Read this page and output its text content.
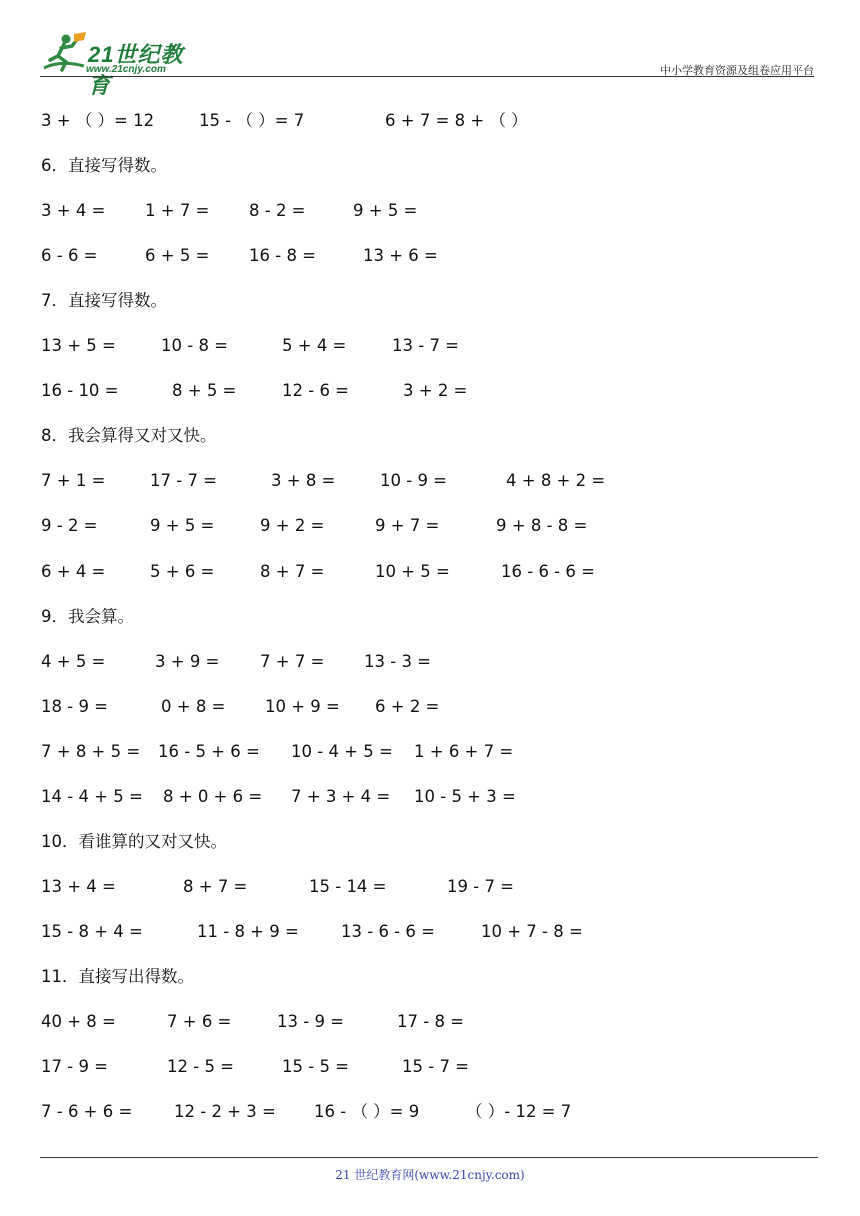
21世纪教育
www.21cnjy.com	中小学教育资源及组卷应用平台
3 + （ ）= 12	15 - （ ）= 7	6 + 7 = 8 + （ ）
6．直接写得数。
3 + 4 = 1 + 7 = 8 - 2 =	9 + 5 =
6 - 6 =	6 + 5 = 16 - 8 =	13 + 6 =
7．直接写得数。
13 + 5 =	10 - 8 =	5 + 4 =	13 - 7 =
16 - 10 =	8 + 5 =	12 - 6 =	3 + 2 =
8．我会算得又对又快。
7 + 1 =	17 - 7 =	3 + 8 =	10 - 9 =	4 + 8 + 2 =
9 - 2 =	9 + 5 =	9 + 2 =	9 + 7 =	9 + 8 - 8 =
6 + 4 =	5 + 6 =	8 + 7 =	10 + 5 =	16 - 6 - 6 =
9．我会算。
4 + 5 =	3 + 9 = 7 + 7 = 13 - 3 =
18 - 9 =	0 + 8 = 10 + 9 = 6 + 2 =
7 + 8 + 5 = 16 - 5 + 6 = 10 - 4 + 5 = 1 + 6 + 7 =
14 - 4 + 5 = 8 + 0 + 6 = 7 + 3 + 4 = 10 - 5 + 3 =
10．看谁算的又对又快。
13 + 4 =	8 + 7 =	15 - 14 =	19 - 7 =
15 - 8 + 4 =	11 - 8 + 9 =	13 - 6 - 6 =	10 + 7 - 8 =
11．直接写出得数。
40 + 8 =	7 + 6 =	13 - 9 =	17 - 8 =
17 - 9 =	12 - 5 =	15 - 5 =	15 - 7 =
7 - 6 + 6 =	12 - 2 + 3 = 16 - （ ）= 9	（ ）- 12 = 7
21 世纪教育网(www.21cnjy.com)
